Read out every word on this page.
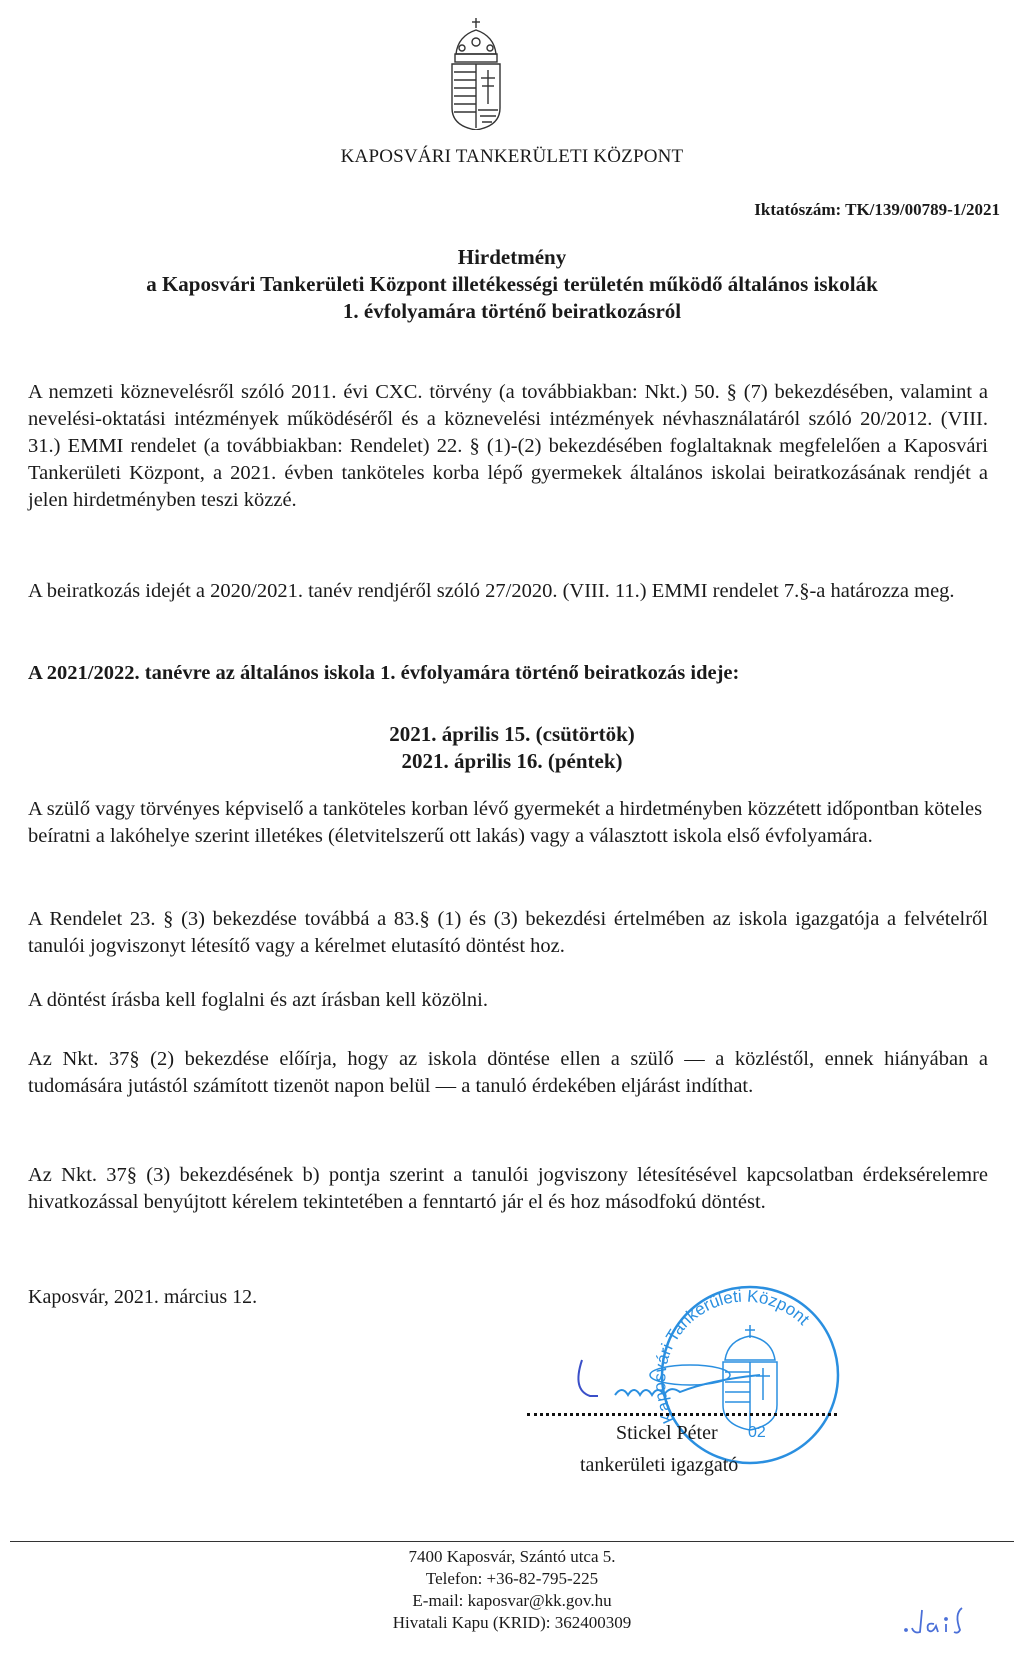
KAPOSVÁRI TANKERÜLETI KÖZPONT
Iktatószám: TK/139/00789-1/2021
Hirdetmény
a Kaposvári Tankerületi Központ illetékességi területén működő általános iskolák
1. évfolyamára történő beiratkozásról
A nemzeti köznevelésről szóló 2011. évi CXC. törvény (a továbbiakban: Nkt.) 50. § (7) bekezdésében, valamint a nevelési-oktatási intézmények működéséről és a köznevelési intézmények névhasználatáról szóló 20/2012. (VIII. 31.) EMMI rendelet (a továbbiakban: Rendelet) 22. § (1)-(2) bekezdésében foglaltaknak megfelelően a Kaposvári Tankerületi Központ, a 2021. évben tanköteles korba lépő gyermekek általános iskolai beiratkozásának rendjét a jelen hirdetményben teszi közzé.
A beiratkozás idejét a 2020/2021. tanév rendjéről szóló 27/2020. (VIII. 11.) EMMI rendelet 7.§-a határozza meg.
A 2021/2022. tanévre az általános iskola 1. évfolyamára történő beiratkozás ideje:
2021. április 15. (csütörtök)
2021. április 16. (péntek)
A szülő vagy törvényes képviselő a tanköteles korban lévő gyermekét a hirdetményben közzétett időpontban köteles beíratni a lakóhelye szerint illetékes (életvitelszerű ott lakás) vagy a választott iskola első évfolyamára.
A Rendelet 23. § (3) bekezdése továbbá a 83.§ (1) és (3) bekezdési értelmében az iskola igazgatója a felvételről tanulói jogviszonyt létesítő vagy a kérelmet elutasító döntést hoz.
A döntést írásba kell foglalni és azt írásban kell közölni.
Az Nkt. 37§ (2) bekezdése előírja, hogy az iskola döntése ellen a szülő — a közléstől, ennek hiányában a tudomására jutástól számított tizenöt napon belül — a tanuló érdekében eljárást indíthat.
Az Nkt. 37§ (3) bekezdésének b) pontja szerint a tanulói jogviszony létesítésével kapcsolatban érdeksérelemre hivatkozással benyújtott kérelem tekintetében a fenntartó jár el és hoz másodfokú döntést.
Kaposvár, 2021. március 12.
Kaposvári Tankerületi Központ
Stickel Péter 02
tankerületi igazgató
7400 Kaposvár, Szántó utca 5.
Telefon: +36-82-795-225
E-mail: kaposvar@kk.gov.hu
Hivatali Kapu (KRID): 362400309
